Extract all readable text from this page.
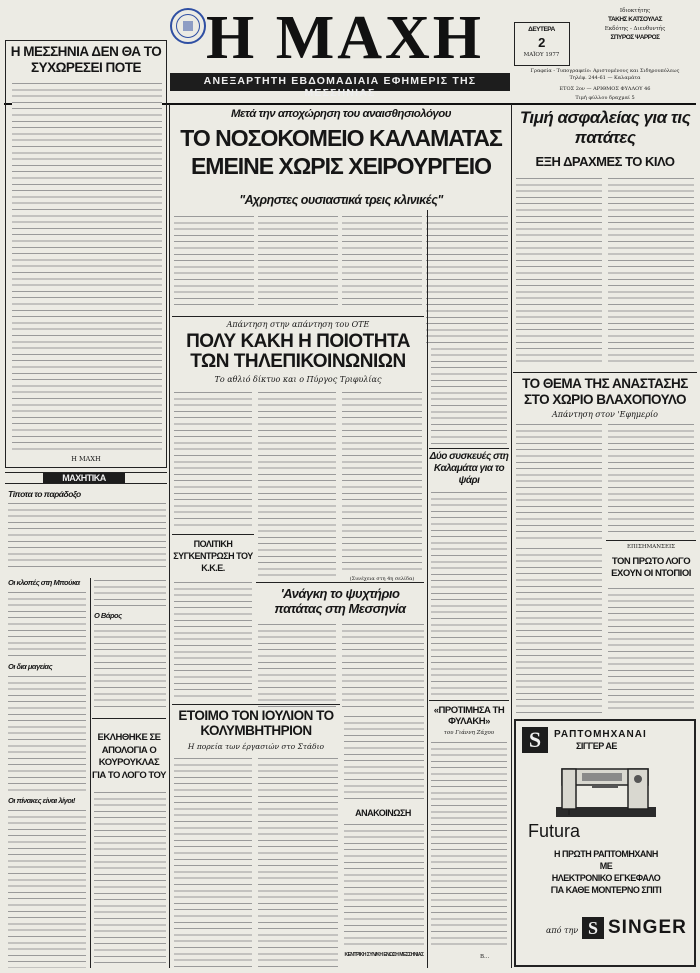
Η ΜΑΧΗ
ΑΝΕΞΑΡΤΗΤΗ ΕΒΔΟΜΑΔΙΑΙΑ ΕΦΗΜΕΡΙΣ ΤΗΣ ΜΕΣΣΗΝΙΑΣ
ΔΕΥΤΕΡΑ
2
ΜΑΪΟΥ 1977
Ιδιοκτήτης
ΤΑΚΗΣ ΚΑΤΣΟΥΛΑΣ
Εκδότης - Διευθυντής
ΣΠΥΡΟΣ ΨΑΡΡΟΣ
Γραφεία - Τυπογραφείο: Αριστομένους και Σιδηρουπόλεως
Τηλέφ. 244-61 — Καλαμάτα
ΕΤΟΣ 2ον — ΑΡΙΘΜΟΣ ΦΥΛΛΟΥ 46
Τιμή φύλλου δραχμαί 5
Η ΜΕΣΣΗΝΙΑ ΔΕΝ ΘΑ ΤΟ ΣΥΧΩΡΕΣΕΙ ΠΟΤΕ
Η ΜΑΧΗ
ΜΑΧΗΤΙΚΑ
Τίποτα το παράδοξο
Οι κλοπές στη Μπούκα
Οι δια μαγείας
Οι πίνακες είναι λίγοι!
Ο Βάρος
ΕΚΛΗΘΗΚΕ ΣΕ ΑΠΟΛΟΓΙΑ Ο ΚΟΥΡΟΥΚΛΑΣ ΓΙΑ ΤΟ ΛΟΓΟ ΤΟΥ
Μετά την αποχώρηση του αναισθησιολόγου
ΤΟ ΝΟΣΟΚΟΜΕΙΟ ΚΑΛΑΜΑΤΑΣ
ΕΜΕΙΝΕ ΧΩΡΙΣ ΧΕΙΡΟΥΡΓΕΙΟ
"Αχρηστες ουσιαστικά τρεις κλινικές"
Απάντηση στην απάντηση του ΟΤΕ
ΠΟΛΥ ΚΑΚΗ Η ΠΟΙΟΤΗΤΑ
ΤΩΝ ΤΗΛΕΠΙΚΟΙΝΩΝΙΩΝ
Το αθλιό δίκτυο και ο Πύργος Τριφυλίας
(Συνέχεια στη 4η σελίδα)
ΠΟΛΙΤΙΚΗ ΣΥΓΚΕΝΤΡΩΣΗ ΤΟΥ Κ.Κ.Ε.
'Ανάγκη το ψυχτήριο πατάτας στη Μεσσηνία
ΕΤΟΙΜΟ ΤΟΝ ΙΟΥΛΙΟΝ ΤΟ ΚΟΛΥΜΒΗΤΗΡΙΟΝ
Η πορεία των έργασιών στο Στάδιο
ΑΝΑΚΟΙΝΩΣΗ
ΚΕΝΤΡΙΚΗ ΣΥΝ/ΚΗ ΕΝΩΣΗ ΜΕΣΣΗΝΙΑΣ
Δύο συσκευές στη Καλαμάτα για το ψάρι
«ΠΡΟΤΙΜΗΣΑ ΤΗ ΦΥΛΑΚΗ»
του Γιάννη Ζάχου
Β...
Τιμή ασφαλείας για τις πατάτες
ΕΞΗ ΔΡΑΧΜΕΣ ΤΟ ΚΙΛΟ
ΤΟ ΘΕΜΑ ΤΗΣ ΑΝΑΣΤΑΣΗΣ ΣΤΟ ΧΩΡΙΟ ΒΛΑΧΟΠΟΥΛΟ
Απάντηση στον 'Εφημερίο
ΕΠΙΣΗΜΑΝΣΕΙΣ
ΤΟΝ ΠΡΩΤΟ ΛΟΓΟ ΕΧΟΥΝ ΟΙ ΝΤΟΠΙΟΙ
S	ΡΑΠΤΟΜΗΧΑΝΑΙ
ΣΙΓΓΕΡ ΑΕ
Futura
Η ΠΡΩΤΗ ΡΑΠΤΟΜΗΧΑΝΗ
ΜΕ
ΗΛΕΚΤΡΟΝΙΚΟ ΕΓΚΕΦΑΛΟ
ΓΙΑ ΚΑΘΕ ΜΟΝΤΕΡΝΟ ΣΠΙΤΙ
από την S SINGER
